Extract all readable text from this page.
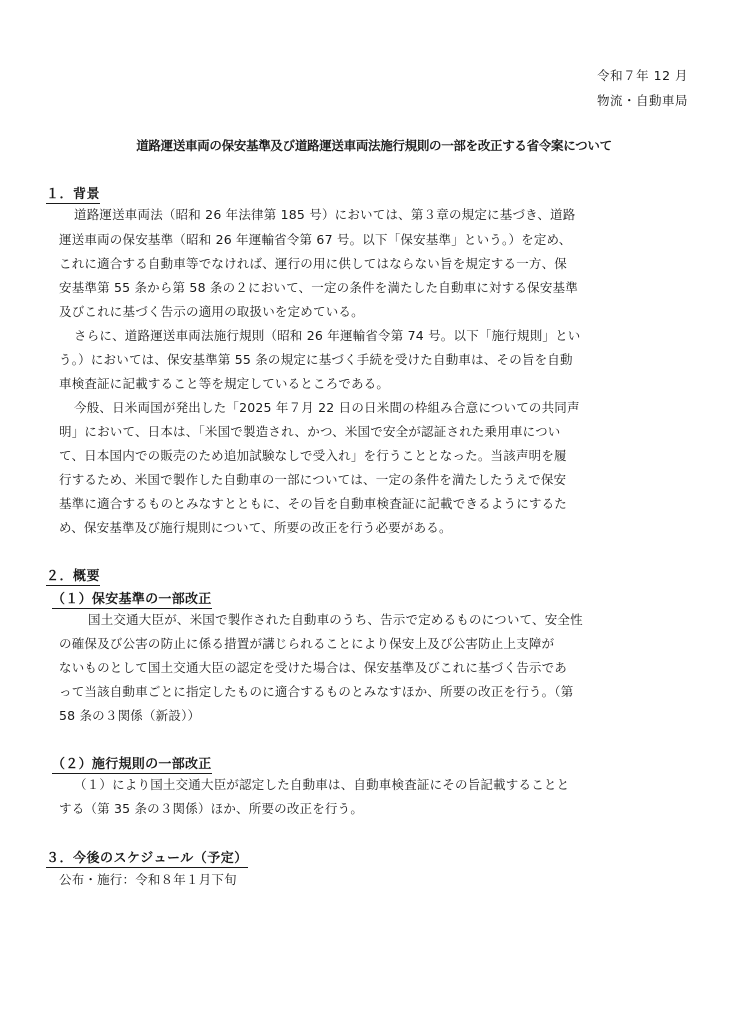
令和７年 12 月
物流・自動車局
道路運送車両の保安基準及び道路運送車両法施行規則の一部を改正する省令案について
１．背景
道路運送車両法（昭和 26 年法律第 185 号）においては、第３章の規定に基づき、道路
運送車両の保安基準（昭和 26 年運輸省令第 67 号。以下「保安基準」という。）を定め、
これに適合する自動車等でなければ、運行の用に供してはならない旨を規定する一方、保
安基準第 55 条から第 58 条の２において、一定の条件を満たした自動車に対する保安基準
及びこれに基づく告示の適用の取扱いを定めている。
さらに、道路運送車両法施行規則（昭和 26 年運輸省令第 74 号。以下「施行規則」とい
う。）においては、保安基準第 55 条の規定に基づく手続を受けた自動車は、その旨を自動
車検査証に記載すること等を規定しているところである。
今般、日米両国が発出した「2025 年７月 22 日の日米間の枠組み合意についての共同声
明」において、日本は、「米国で製造され、かつ、米国で安全が認証された乗用車につい
て、日本国内での販売のため追加試験なしで受入れ」を行うこととなった。当該声明を履
行するため、米国で製作した自動車の一部については、一定の条件を満たしたうえで保安
基準に適合するものとみなすとともに、その旨を自動車検査証に記載できるようにするた
め、保安基準及び施行規則について、所要の改正を行う必要がある。
２．概要
（１）保安基準の一部改正
国土交通大臣が、米国で製作された自動車のうち、告示で定めるものについて、安全性
の確保及び公害の防止に係る措置が講じられることにより保安上及び公害防止上支障が
ないものとして国土交通大臣の認定を受けた場合は、保安基準及びこれに基づく告示であ
って当該自動車ごとに指定したものに適合するものとみなすほか、所要の改正を行う。（第
58 条の３関係（新設））
（２）施行規則の一部改正
（１）により国土交通大臣が認定した自動車は、自動車検査証にその旨記載することと
する（第 35 条の３関係）ほか、所要の改正を行う。
３．今後のスケジュール（予定）
公布・施行：令和８年１月下旬
